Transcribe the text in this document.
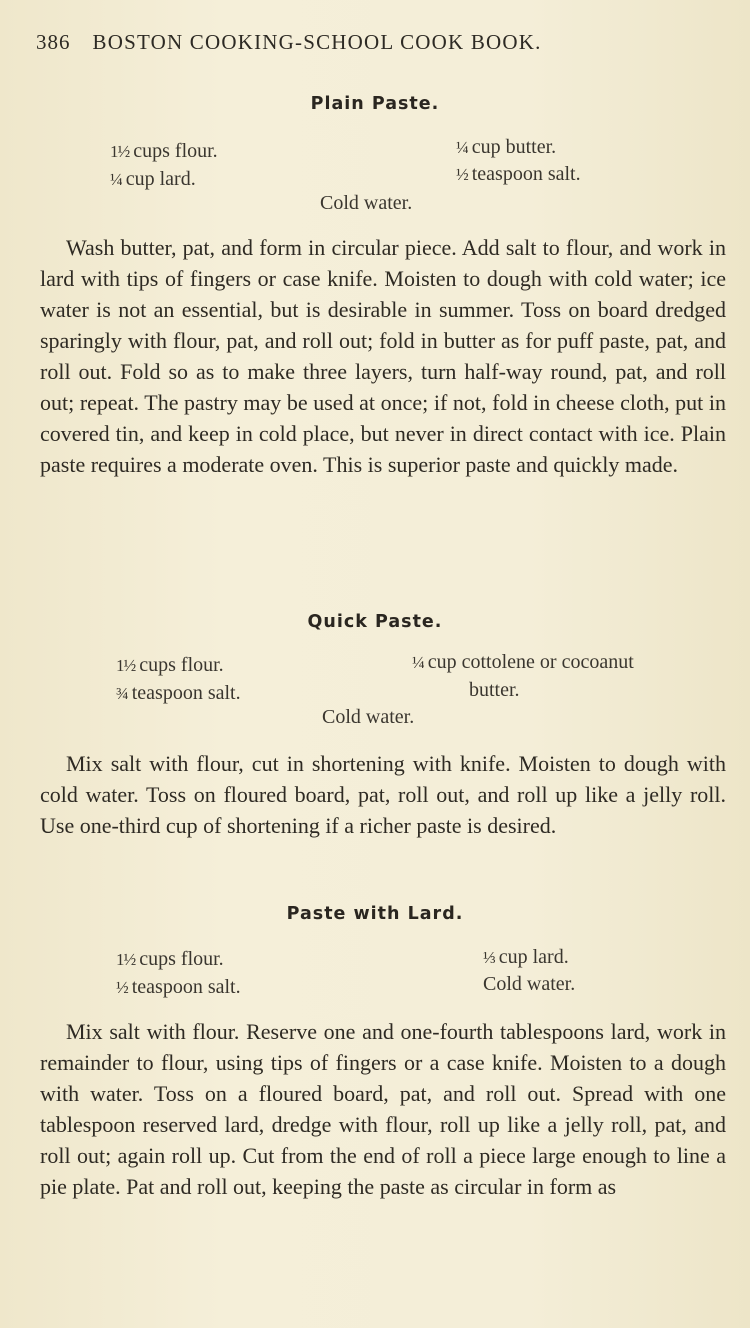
386 BOSTON COOKING-SCHOOL COOK BOOK.
Plain Paste.
1½ cups flour.
¼ cup lard.
¼ cup butter.
½ teaspoon salt.
Cold water.

Wash butter, pat, and form in circular piece. Add salt to flour, and work in lard with tips of fingers or case knife. Moisten to dough with cold water; ice water is not an essential, but is desirable in summer. Toss on board dredged sparingly with flour, pat, and roll out; fold in butter as for puff paste, pat, and roll out. Fold so as to make three layers, turn half-way round, pat, and roll out; repeat. The pastry may be used at once; if not, fold in cheese cloth, put in covered tin, and keep in cold place, but never in direct contact with ice. Plain paste requires a moderate oven. This is superior paste and quickly made.

Quick Paste.
1½ cups flour.
¾ teaspoon salt.
¼ cup cottolene or cocoanut
butter.
Cold water.

Mix salt with flour, cut in shortening with knife. Moisten to dough with cold water. Toss on floured board, pat, roll out, and roll up like a jelly roll. Use one-third cup of shortening if a richer paste is desired.

Paste with Lard.
1½ cups flour.
½ teaspoon salt.
⅓ cup lard.
Cold water.

Mix salt with flour. Reserve one and one-fourth tablespoons lard, work in remainder to flour, using tips of fingers or a case knife. Moisten to a dough with water. Toss on a floured board, pat, and roll out. Spread with one tablespoon reserved lard, dredge with flour, roll up like a jelly roll, pat, and roll out; again roll up. Cut from the end of roll a piece large enough to line a pie plate. Pat and roll out, keeping the paste as circular in form as
